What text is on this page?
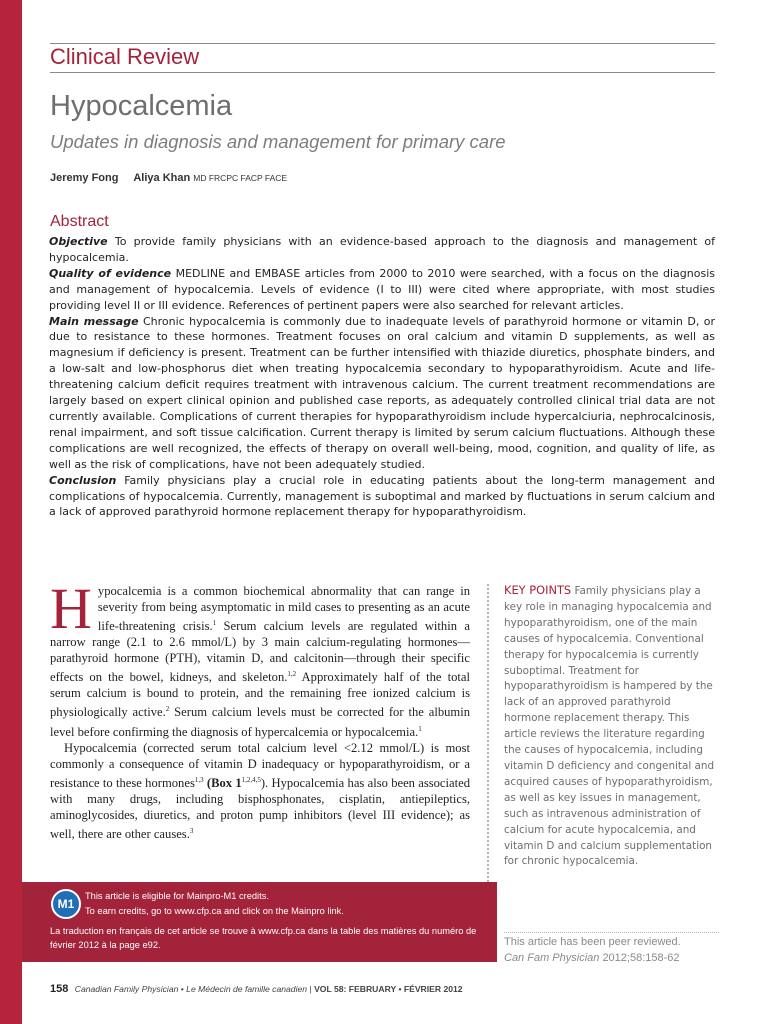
Clinical Review
Hypocalcemia
Updates in diagnosis and management for primary care
Jeremy Fong Aliya Khan MD FRCPC FACP FACE
Abstract

Objective To provide family physicians with an evidence-based approach to the diagnosis and management of hypocalcemia.

Quality of evidence MEDLINE and EMBASE articles from 2000 to 2010 were searched, with a focus on the diagnosis and management of hypocalcemia. Levels of evidence (I to III) were cited where appropriate, with most studies providing level II or III evidence. References of pertinent papers were also searched for relevant articles.

Main message Chronic hypocalcemia is commonly due to inadequate levels of parathyroid hormone or vitamin D, or due to resistance to these hormones. Treatment focuses on oral calcium and vitamin D supplements, as well as magnesium if deficiency is present. Treatment can be further intensified with thiazide diuretics, phosphate binders, and a low-salt and low-phosphorus diet when treating hypocalcemia secondary to hypoparathyroidism. Acute and life-threatening calcium deficit requires treatment with intravenous calcium. The current treatment recommendations are largely based on expert clinical opinion and published case reports, as adequately controlled clinical trial data are not currently available. Complications of current therapies for hypoparathyroidism include hypercalciuria, nephrocalcinosis, renal impairment, and soft tissue calcification. Current therapy is limited by serum calcium fluctuations. Although these complications are well recognized, the effects of therapy on overall well-being, mood, cognition, and quality of life, as well as the risk of complications, have not been adequately studied.

Conclusion Family physicians play a crucial role in educating patients about the long-term management and complications of hypocalcemia. Currently, management is suboptimal and marked by fluctuations in serum calcium and a lack of approved parathyroid hormone replacement therapy for hypoparathyroidism.

Hypocalcemia is a common biochemical abnormality that can range in severity from being asymptomatic in mild cases to presenting as an acute life-threatening crisis.$^1$ Serum calcium levels are regulated within a narrow range (2.1 to 2.6 mmol/L) by 3 main calcium-regulating hormones—parathyroid hormone (PTH), vitamin D, and calcitonin—through their specific effects on the bowel, kidneys, and skeleton.$^{1,2}$ Approximately half of the total serum calcium is bound to protein, and the remaining free ionized calcium is physiologically active.$^2$ Serum calcium levels must be corrected for the albumin level before confirming the diagnosis of hypercalcemia or hypocalcemia.$^1$

Hypocalcemia (corrected serum total calcium level <2.12 mmol/L) is most commonly a consequence of vitamin D inadequacy or hypoparathyroidism, or a resistance to these hormones$^{1,3}$ (Box 1$^{1,2,4,5}$). Hypocalcemia has also been associated with many drugs, including bisphosphonates, cisplatin, antiepileptics, aminoglycosides, diuretics, and proton pump inhibitors (level III evidence); as well, there are other causes.$^3$

KEY POINTS Family physicians play a key role in managing hypocalcemia and hypoparathyroidism, one of the main causes of hypocalcemia. Conventional therapy for hypocalcemia is currently suboptimal. Treatment for hypoparathyroidism is hampered by the lack of an approved parathyroid hormone replacement therapy. This article reviews the literature regarding the causes of hypocalcemia, including vitamin D deficiency and congenital and acquired causes of hypoparathyroidism, as well as key issues in management, such as intravenous administration of calcium for acute hypocalcemia, and vitamin D and calcium supplementation for chronic hypocalcemia.
This article has been peer reviewed.
Can Fam Physician 2012;58:158-62
M1
This article is eligible for Mainpro-M1 credits.
To earn credits, go to www.cfp.ca and click on the Mainpro link.
La traduction en français de cet article se trouve à www.cfp.ca dans la table des matières du numéro de
février 2012 à la page e92.
158 Canadian Family Physician • Le Médecin de famille canadien | VOL 58: FEBRUARY • FÉVRIER 2012
